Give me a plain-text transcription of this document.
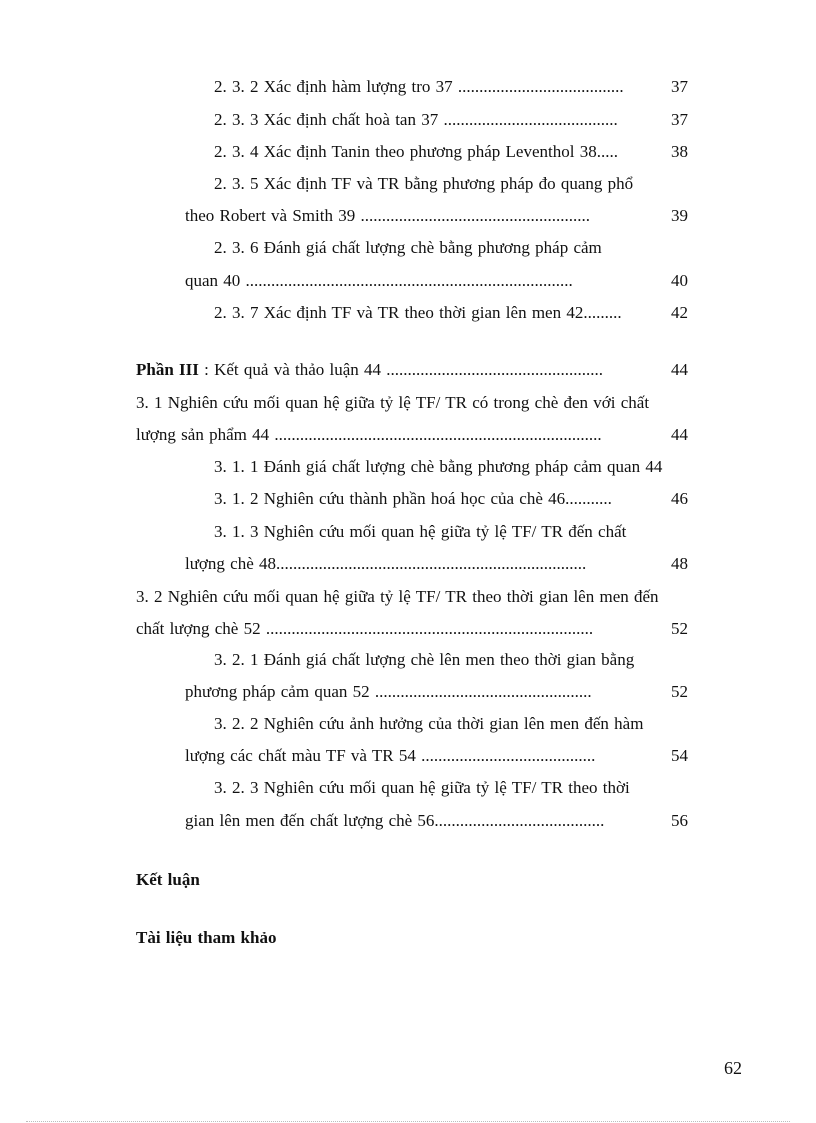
2. 3. 2 Xác định hàm lượng tro 37 .......................................	37
2. 3. 3 Xác định chất hoà tan 37 .........................................	37
2. 3. 4 Xác định Tanin theo phương pháp Leventhol 38.....	38
2. 3. 5 Xác định TF và TR bằng phương pháp đo quang phổ
theo Robert và Smith 39 ......................................................	39
2. 3. 6 Đánh giá chất lượng chè bằng phương pháp cảm
quan 40 .............................................................................	40
2. 3. 7 Xác định TF và TR theo thời gian lên men 42.........	42
Phần III : Kết quả và thảo luận 44 ...................................................	44
3. 1 Nghiên cứu mối quan hệ giữa tỷ lệ TF/ TR có trong chè đen với chất
lượng sản phẩm 44 .............................................................................	44
3. 1. 1 Đánh giá chất lượng chè bằng phương pháp cảm quan 44
3. 1. 2 Nghiên cứu thành phần hoá học của chè 46...........	46
3. 1. 3 Nghiên cứu mối quan hệ giữa tỷ lệ TF/ TR đến chất
lượng chè 48.........................................................................	48
3. 2 Nghiên cứu mối quan hệ giữa tỷ lệ TF/ TR theo thời gian lên men đến
chất lượng chè 52 .............................................................................	52
3. 2. 1 Đánh giá chất lượng chè lên men theo thời gian bằng
phương pháp cảm quan 52 ...................................................	52
3. 2. 2 Nghiên cứu ảnh hưởng của thời gian lên men đến hàm
lượng các chất màu TF và TR 54 .........................................	54
3. 2. 3 Nghiên cứu mối quan hệ giữa tỷ lệ TF/ TR theo thời
gian lên men đến chất lượng chè 56........................................	56
Kết luận
Tài liệu tham khảo
62
